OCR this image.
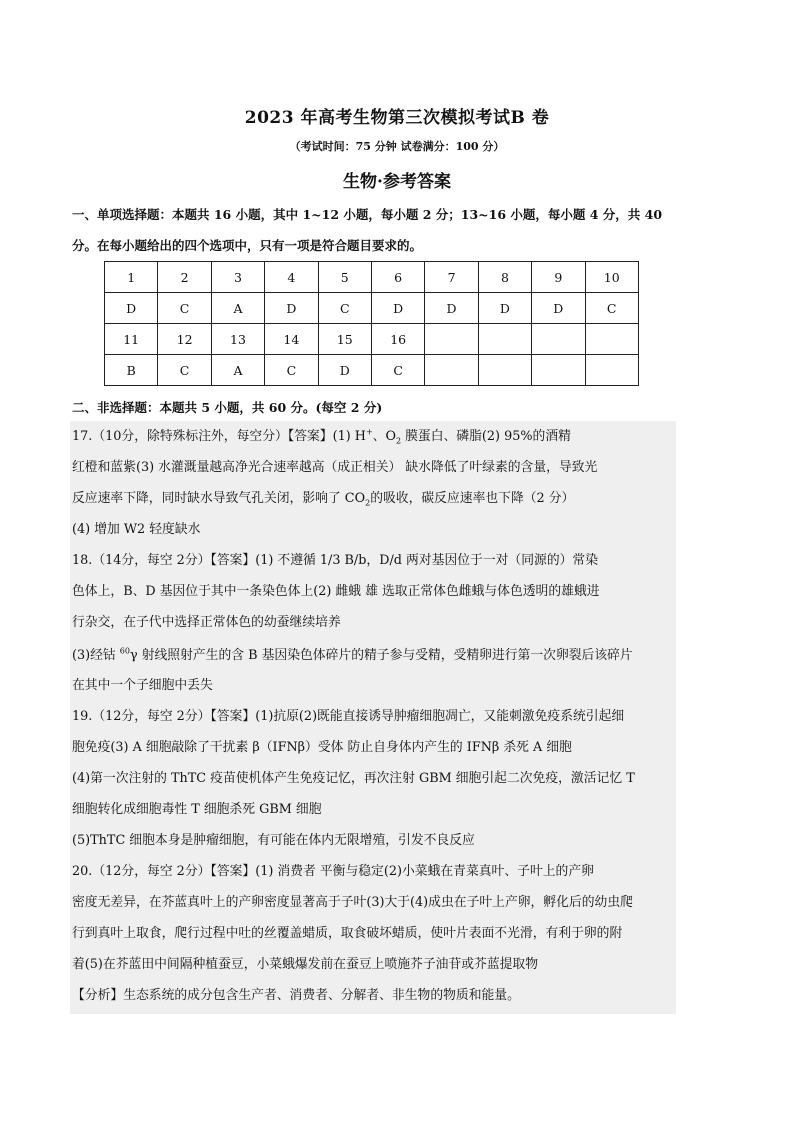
2023 年高考生物第三次模拟考试B 卷
（考试时间：75 分钟 试卷满分：100 分）
生物·参考答案
一、单项选择题：本题共 16 小题，其中 1~12 小题，每小题 2 分；13~16 小题，每小题 4 分，共 40
分。在每小题给出的四个选项中，只有一项是符合题目要求的。
1	2	3	4	5	6	7	8	9	10
D	C	A	D	C	D	D	D	D	C
11	12	13	14	15	16				
B	C	A	C	D	C				
二、非选择题：本题共 5 小题，共 60 分。(每空 2 分)
17.（10分，除特殊标注外，每空分）【答案】(1) H+、$O_2$ 膜蛋白、磷脂(2) 95%的酒精
红橙和蓝紫(3) 水灌溉量越高净光合速率越高（成正相关） 缺水降低了叶绿素的含量，导致光
反应速率下降，同时缺水导致气孔关闭，影响了 $CO_2$的吸收，碳反应速率也下降（2 分）
(4) 增加 W2 轻度缺水
18.（14分，每空 2分）【答案】(1) 不遵循 1/3 B/b，D/d 两对基因位于一对（同源的）常染
色体上，B、D 基因位于其中一条染色体上(2) 雌蛾 雄 选取正常体色雌蛾与体色透明的雄蛾进
行杂交，在子代中选择正常体色的幼蚕继续培养
(3)经钴 $^{60}$γ 射线照射产生的含 B 基因染色体碎片的精子参与受精，受精卵进行第一次卵裂后该碎片
在其中一个子细胞中丢失
19.（12分，每空 2分）【答案】(1)抗原(2)既能直接诱导肿瘤细胞凋亡，又能刺激免疫系统引起细
胞免疫(3) A 细胞敲除了干扰素 β（IFNβ）受体 防止自身体内产生的 IFNβ 杀死 A 细胞
(4)第一次注射的 ThTC 疫苗使机体产生免疫记忆，再次注射 GBM 细胞引起二次免疫，激活记忆 T
细胞转化成细胞毒性 T 细胞杀死 GBM 细胞
(5)ThTC 细胞本身是肿瘤细胞，有可能在体内无限增殖，引发不良反应
20.（12分，每空 2分）【答案】(1) 消费者 平衡与稳定(2)小菜蛾在青菜真叶、子叶上的产卵
密度无差异，在芥蓝真叶上的产卵密度显著高于子叶(3)大于(4)成虫在子叶上产卵，孵化后的幼虫爬
行到真叶上取食，爬行过程中吐的丝覆盖蜡质，取食破坏蜡质，使叶片表面不光滑，有利于卵的附
着(5)在芥蓝田中间隔种植蚕豆，小菜蛾爆发前在蚕豆上喷施芥子油苷或芥蓝提取物
【分析】生态系统的成分包含生产者、消费者、分解者、非生物的物质和能量。
